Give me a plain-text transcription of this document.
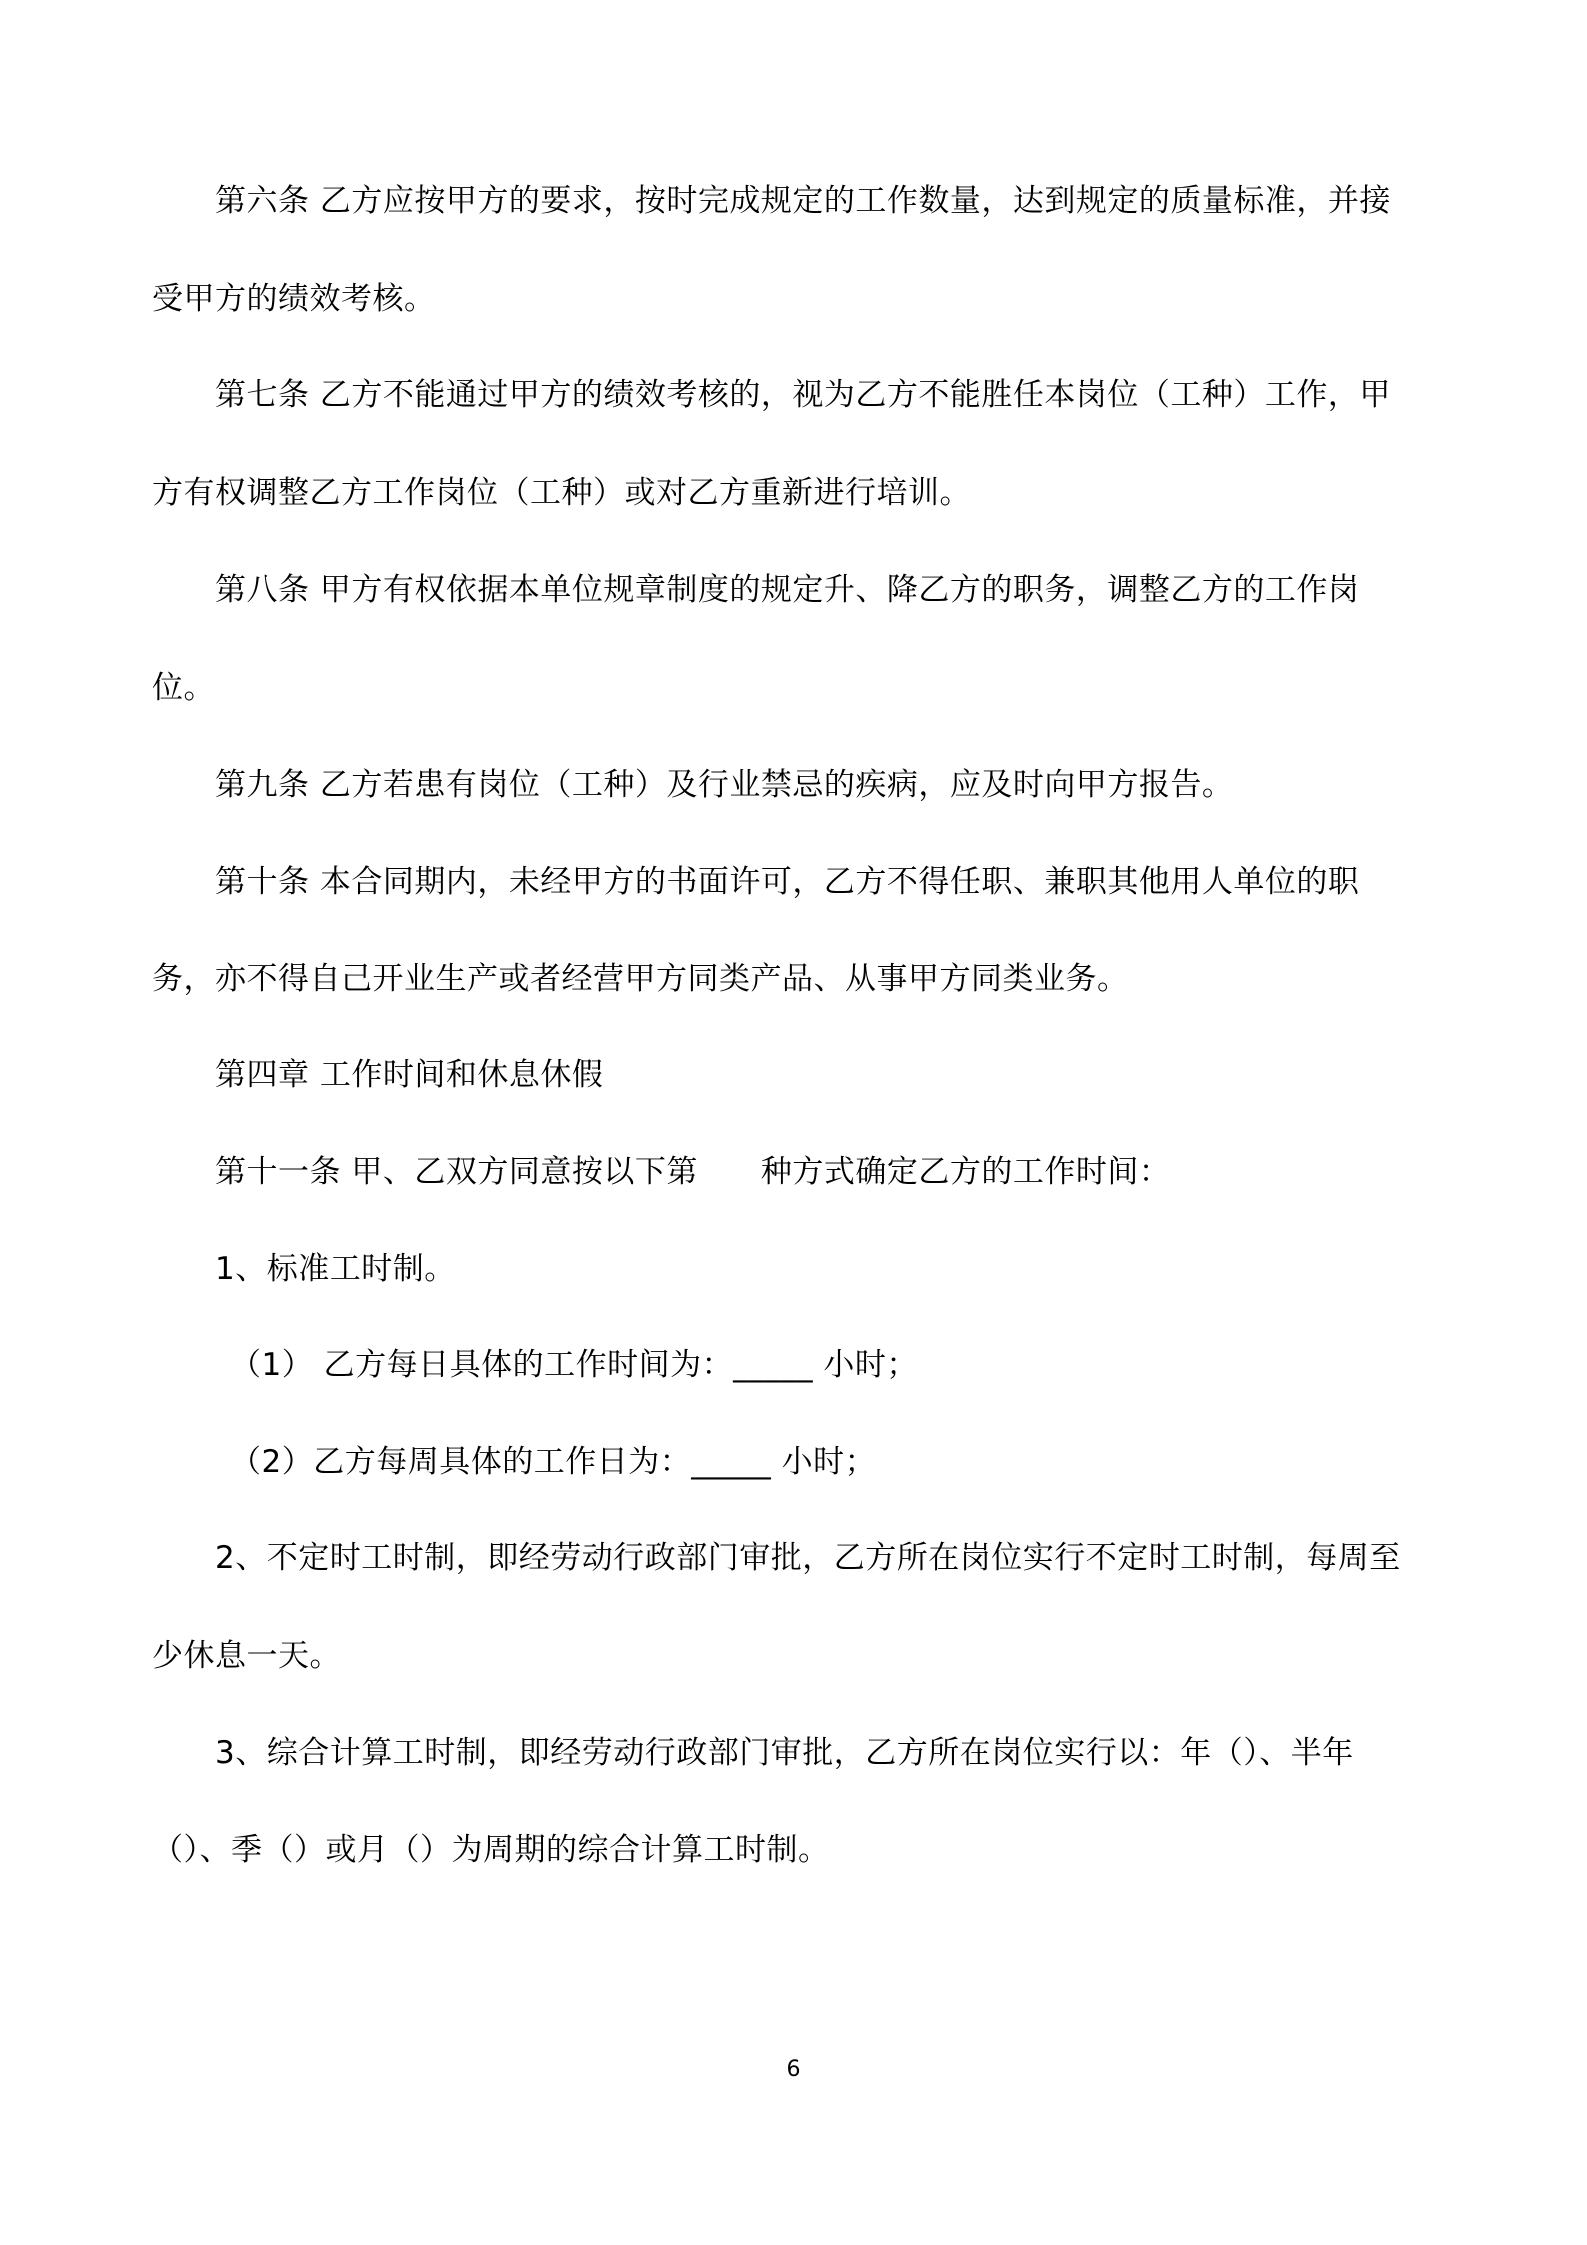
第六条 乙方应按甲方的要求，按时完成规定的工作数量，达到规定的质量标准，并接
受甲方的绩效考核。
第七条 乙方不能通过甲方的绩效考核的，视为乙方不能胜任本岗位（工种）工作，甲
方有权调整乙方工作岗位（工种）或对乙方重新进行培训。
第八条 甲方有权依据本单位规章制度的规定升、降乙方的职务，调整乙方的工作岗
位。
第九条 乙方若患有岗位（工种）及行业禁忌的疾病，应及时向甲方报告。
第十条 本合同期内，未经甲方的书面许可，乙方不得任职、兼职其他用人单位的职
务，亦不得自己开业生产或者经营甲方同类产品、从事甲方同类业务。
第四章 工作时间和休息休假
第十一条 甲、乙双方同意按以下第　　种方式确定乙方的工作时间：
1、标准工时制。
（1） 乙方每日具体的工作时间为：_____ 小时；
（2）乙方每周具体的工作日为：_____ 小时；
2、不定时工时制，即经劳动行政部门审批，乙方所在岗位实行不定时工时制，每周至
少休息一天。
3、综合计算工时制，即经劳动行政部门审批，乙方所在岗位实行以：年（）、半年
（）、季（）或月（）为周期的综合计算工时制。
6
